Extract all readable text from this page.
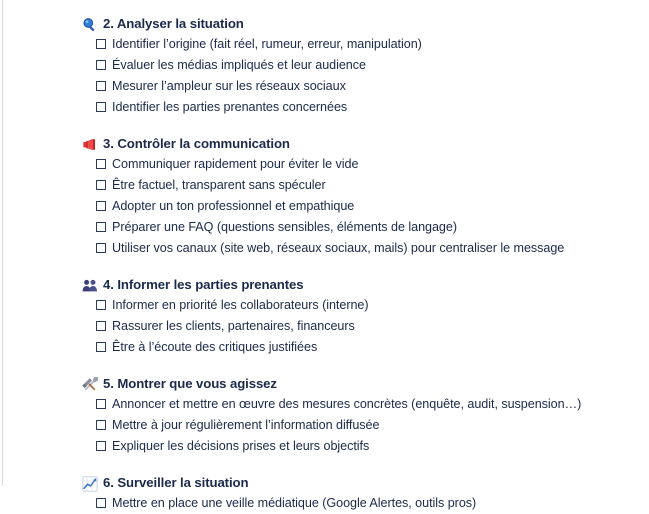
2. Analyser la situation
Identifier l’origine (fait réel, rumeur, erreur, manipulation)
Évaluer les médias impliqués et leur audience
Mesurer l’ampleur sur les réseaux sociaux
Identifier les parties prenantes concernées
3. Contrôler la communication
Communiquer rapidement pour éviter le vide
Être factuel, transparent sans spéculer
Adopter un ton professionnel et empathique
Préparer une FAQ (questions sensibles, éléments de langage)
Utiliser vos canaux (site web, réseaux sociaux, mails) pour centraliser le message
4. Informer les parties prenantes
Informer en priorité les collaborateurs (interne)
Rassurer les clients, partenaires, financeurs
Être à l’écoute des critiques justifiées
5. Montrer que vous agissez
Annoncer et mettre en œuvre des mesures concrètes (enquête, audit, suspension…)
Mettre à jour régulièrement l’information diffusée
Expliquer les décisions prises et leurs objectifs
6. Surveiller la situation
Mettre en place une veille médiatique (Google Alertes, outils pros)
